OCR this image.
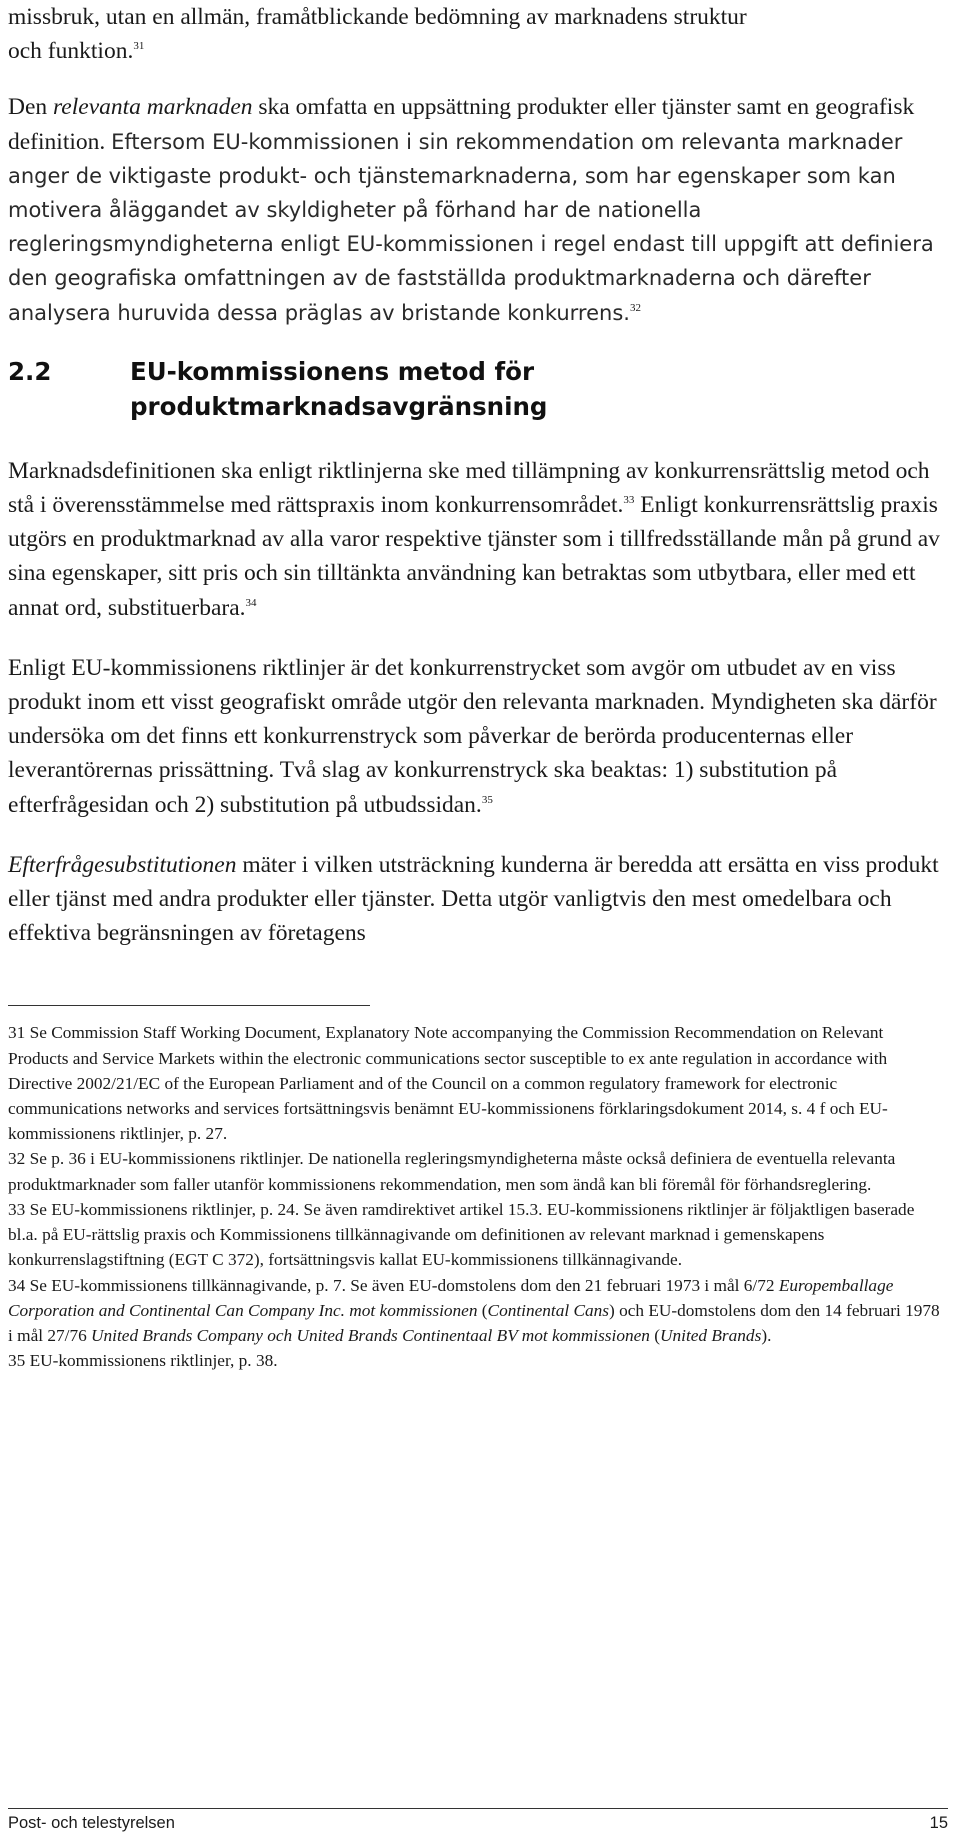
missbruk, utan en allmän, framåtblickande bedömning av marknadens struktur
och funktion.$^{31}$

Den relevanta marknaden ska omfatta en uppsättning produkter eller tjänster samt en geografisk definition. Eftersom EU-kommissionen i sin rekommendation om relevanta marknader anger de viktigaste produkt- och tjänstemarknaderna, som har egenskaper som kan motivera åläggandet av skyldigheter på förhand har de nationella regleringsmyndigheterna enligt EU-kommissionen i regel endast till uppgift att definiera den geografiska omfattningen av de fastställda produktmarknaderna och därefter analysera huruvida dessa präglas av bristande konkurrens.$^{32}$

2.2	EU-kommissionens metod för produktmarknadsavgränsning

Marknadsdefinitionen ska enligt riktlinjerna ske med tillämpning av konkurrensrättslig metod och stå i överensstämmelse med rättspraxis inom konkurrensområdet.$^{33}$ Enligt konkurrensrättslig praxis utgörs en produktmarknad av alla varor respektive tjänster som i tillfredsställande mån på grund av sina egenskaper, sitt pris och sin tilltänkta användning kan betraktas som utbytbara, eller med ett annat ord, substituerbara.$^{34}$

Enligt EU-kommissionens riktlinjer är det konkurrenstrycket som avgör om utbudet av en viss produkt inom ett visst geografiskt område utgör den relevanta marknaden. Myndigheten ska därför undersöka om det finns ett konkurrenstryck som påverkar de berörda producenternas eller leverantörernas prissättning. Två slag av konkurrenstryck ska beaktas: 1) substitution på efterfrågesidan och 2) substitution på utbudssidan.$^{35}$

Efterfrågesubstitutionen mäter i vilken utsträckning kunderna är beredda att ersätta en viss produkt eller tjänst med andra produkter eller tjänster. Detta utgör vanligtvis den mest omedelbara och effektiva begränsningen av företagens

31 Se Commission Staff Working Document, Explanatory Note accompanying the Commission Recommendation on Relevant Products and Service Markets within the electronic communications sector susceptible to ex ante regulation in accordance with Directive 2002/21/EC of the European Parliament and of the Council on a common regulatory framework for electronic communications networks and services fortsättningsvis benämnt EU-kommissionens förklaringsdokument 2014, s. 4 f och EU-kommissionens riktlinjer, p. 27.

32 Se p. 36 i EU-kommissionens riktlinjer. De nationella regleringsmyndigheterna måste också definiera de eventuella relevanta produktmarknader som faller utanför kommissionens rekommendation, men som ändå kan bli föremål för förhandsreglering.

33 Se EU-kommissionens riktlinjer, p. 24. Se även ramdirektivet artikel 15.3. EU-kommissionens riktlinjer är följaktligen baserade bl.a. på EU-rättslig praxis och Kommissionens tillkännagivande om definitionen av relevant marknad i gemenskapens konkurrenslagstiftning (EGT C 372), fortsättningsvis kallat EU-kommissionens tillkännagivande.

34 Se EU-kommissionens tillkännagivande, p. 7. Se även EU-domstolens dom den 21 februari 1973 i mål 6/72 Europemballage Corporation and Continental Can Company Inc. mot kommissionen (Continental Cans) och EU-domstolens dom den 14 februari 1978 i mål 27/76 United Brands Company och United Brands Continentaal BV mot kommissionen (United Brands).

35 EU-kommissionens riktlinjer, p. 38.

Post- och telestyrelsen	15
